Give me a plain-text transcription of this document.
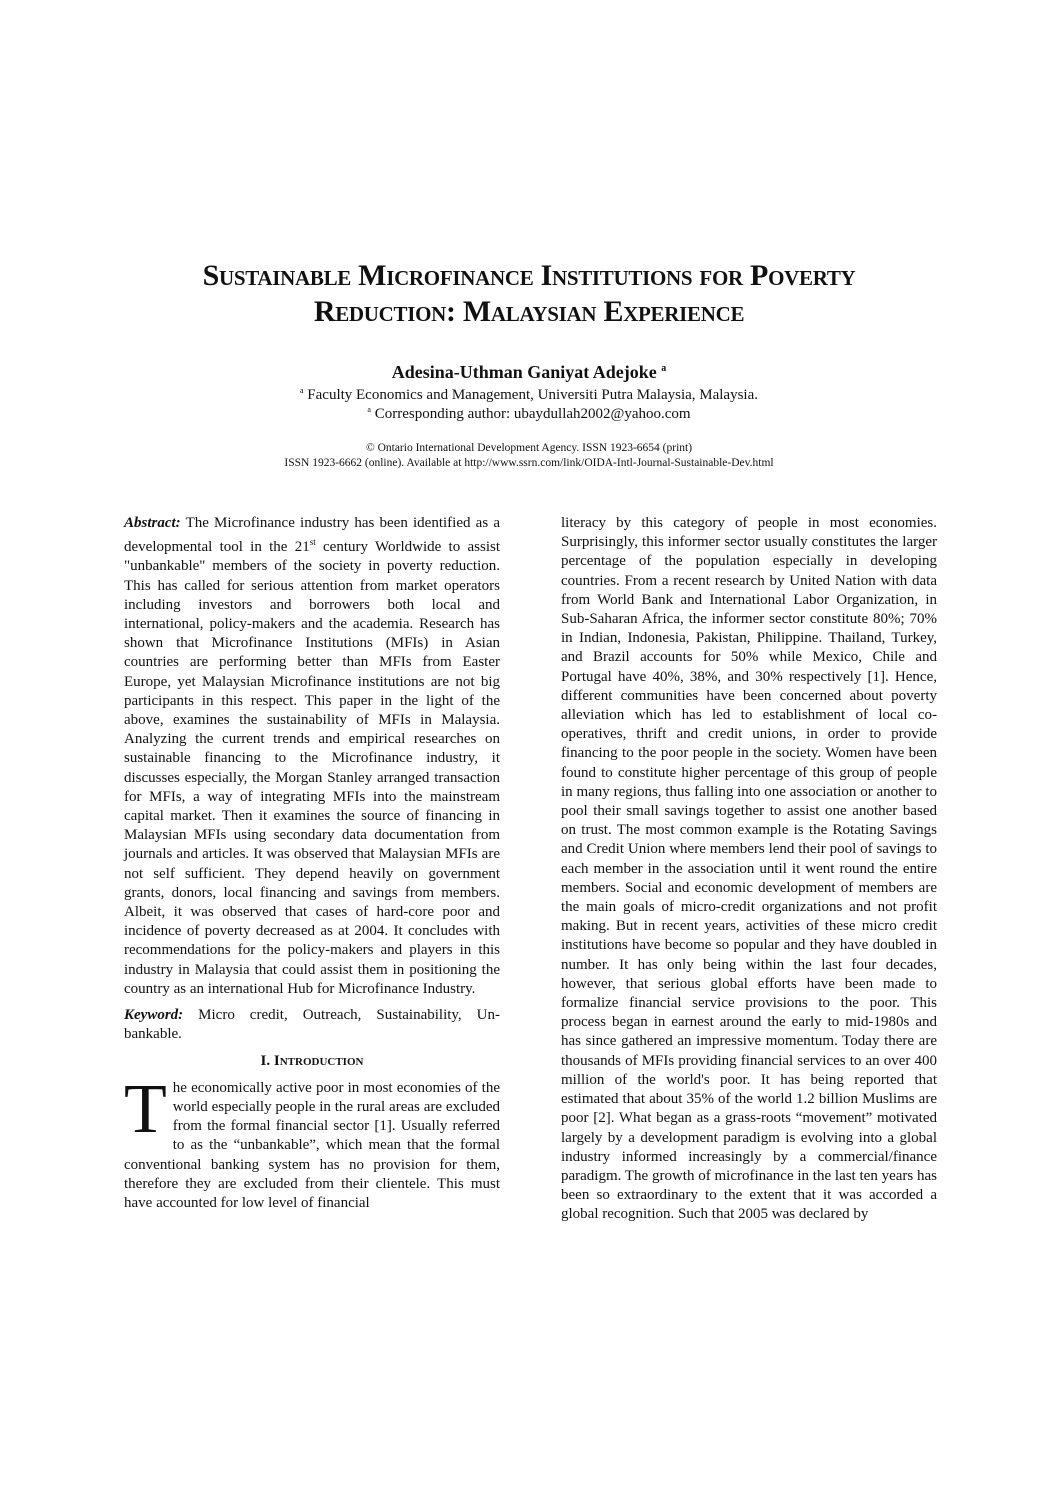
Sustainable Microfinance Institutions for Poverty
Reduction: Malaysian Experience
Adesina-Uthman Ganiyat Adejoke $^a$
$^a$ Faculty Economics and Management, Universiti Putra Malaysia, Malaysia.
$^a$ Corresponding author: ubaydullah2002@yahoo.com
© Ontario International Development Agency. ISSN 1923-6654 (print)
ISSN 1923-6662 (online). Available at http://www.ssrn.com/link/OIDA-Intl-Journal-Sustainable-Dev.html

Abstract: The Microfinance industry has been identified as a developmental tool in the 21st century Worldwide to assist "unbankable" members of the society in poverty reduction. This has called for serious attention from market operators including investors and borrowers both local and international, policy-makers and the academia. Research has shown that Microfinance Institutions (MFIs) in Asian countries are performing better than MFIs from Easter Europe, yet Malaysian Microfinance institutions are not big participants in this respect. This paper in the light of the above, examines the sustainability of MFIs in Malaysia. Analyzing the current trends and empirical researches on sustainable financing to the Microfinance industry, it discusses especially, the Morgan Stanley arranged transaction for MFIs, a way of integrating MFIs into the mainstream capital market. Then it examines the source of financing in Malaysian MFIs using secondary data documentation from journals and articles. It was observed that Malaysian MFIs are not self sufficient. They depend heavily on government grants, donors, local financing and savings from members. Albeit, it was observed that cases of hard-core poor and incidence of poverty decreased as at 2004. It concludes with recommendations for the policy-makers and players in this industry in Malaysia that could assist them in positioning the country as an international Hub for Microfinance Industry.

Keyword: Micro credit, Outreach, Sustainability, Un-bankable.

I. Introduction

The economically active poor in most economies of the world especially people in the rural areas are excluded from the formal financial sector [1]. Usually referred to as the “unbankable”, which mean that the formal conventional banking system has no provision for them, therefore they are excluded from their clientele. This must have accounted for low level of financial

literacy by this category of people in most economies. Surprisingly, this informer sector usually constitutes the larger percentage of the population especially in developing countries. From a recent research by United Nation with data from World Bank and International Labor Organization, in Sub-Saharan Africa, the informer sector constitute 80%; 70% in Indian, Indonesia, Pakistan, Philippine. Thailand, Turkey, and Brazil accounts for 50% while Mexico, Chile and Portugal have 40%, 38%, and 30% respectively [1]. Hence, different communities have been concerned about poverty alleviation which has led to establishment of local co-operatives, thrift and credit unions, in order to provide financing to the poor people in the society. Women have been found to constitute higher percentage of this group of people in many regions, thus falling into one association or another to pool their small savings together to assist one another based on trust. The most common example is the Rotating Savings and Credit Union where members lend their pool of savings to each member in the association until it went round the entire members. Social and economic development of members are the main goals of micro-credit organizations and not profit making. But in recent years, activities of these micro credit institutions have become so popular and they have doubled in number. It has only being within the last four decades, however, that serious global efforts have been made to formalize financial service provisions to the poor. This process began in earnest around the early to mid-1980s and has since gathered an impressive momentum. Today there are thousands of MFIs providing financial services to an over 400 million of the world's poor. It has being reported that estimated that about 35% of the world 1.2 billion Muslims are poor [2]. What began as a grass-roots “movement” motivated largely by a development paradigm is evolving into a global industry informed increasingly by a commercial/finance paradigm. The growth of microfinance in the last ten years has been so extraordinary to the extent that it was accorded a global recognition. Such that 2005 was declared by
